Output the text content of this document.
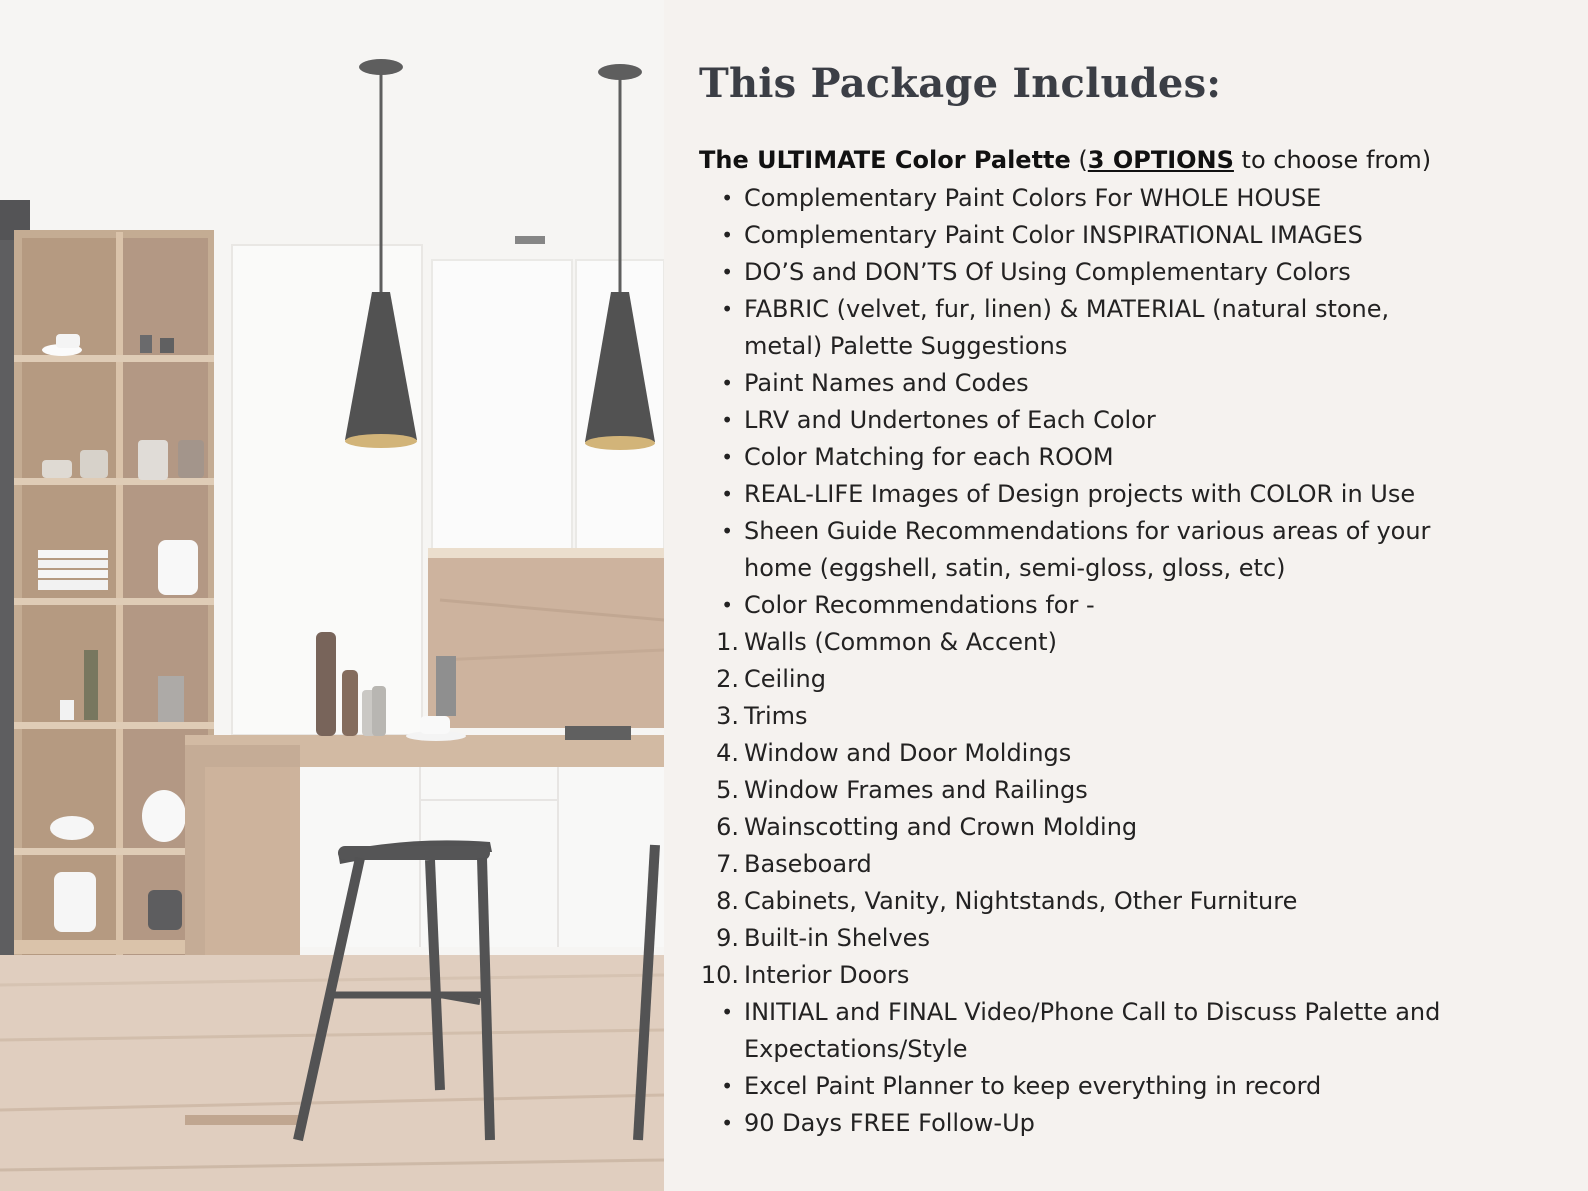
This Package Includes:
The ULTIMATE Color Palette (3 OPTIONS to choose from)
• Complementary Paint Colors For WHOLE HOUSE
• Complementary Paint Color INSPIRATIONAL IMAGES
• DO’S and DON’TS Of Using Complementary Colors
• FABRIC (velvet, fur, linen) & MATERIAL (natural stone,
metal) Palette Suggestions
• Paint Names and Codes
• LRV and Undertones of Each Color
• Color Matching for each ROOM
• REAL-LIFE Images of Design projects with COLOR in Use
• Sheen Guide Recommendations for various areas of your
home (eggshell, satin, semi-gloss, gloss, etc)
• Color Recommendations for -
1. Walls (Common & Accent)
2. Ceiling
3. Trims
4. Window and Door Moldings
5. Window Frames and Railings
6. Wainscotting and Crown Molding
7. Baseboard
8. Cabinets, Vanity, Nightstands, Other Furniture
9. Built-in Shelves
10. Interior Doors
• INITIAL and FINAL Video/Phone Call to Discuss Palette and
Expectations/Style
• Excel Paint Planner to keep everything in record
• 90 Days FREE Follow-Up
